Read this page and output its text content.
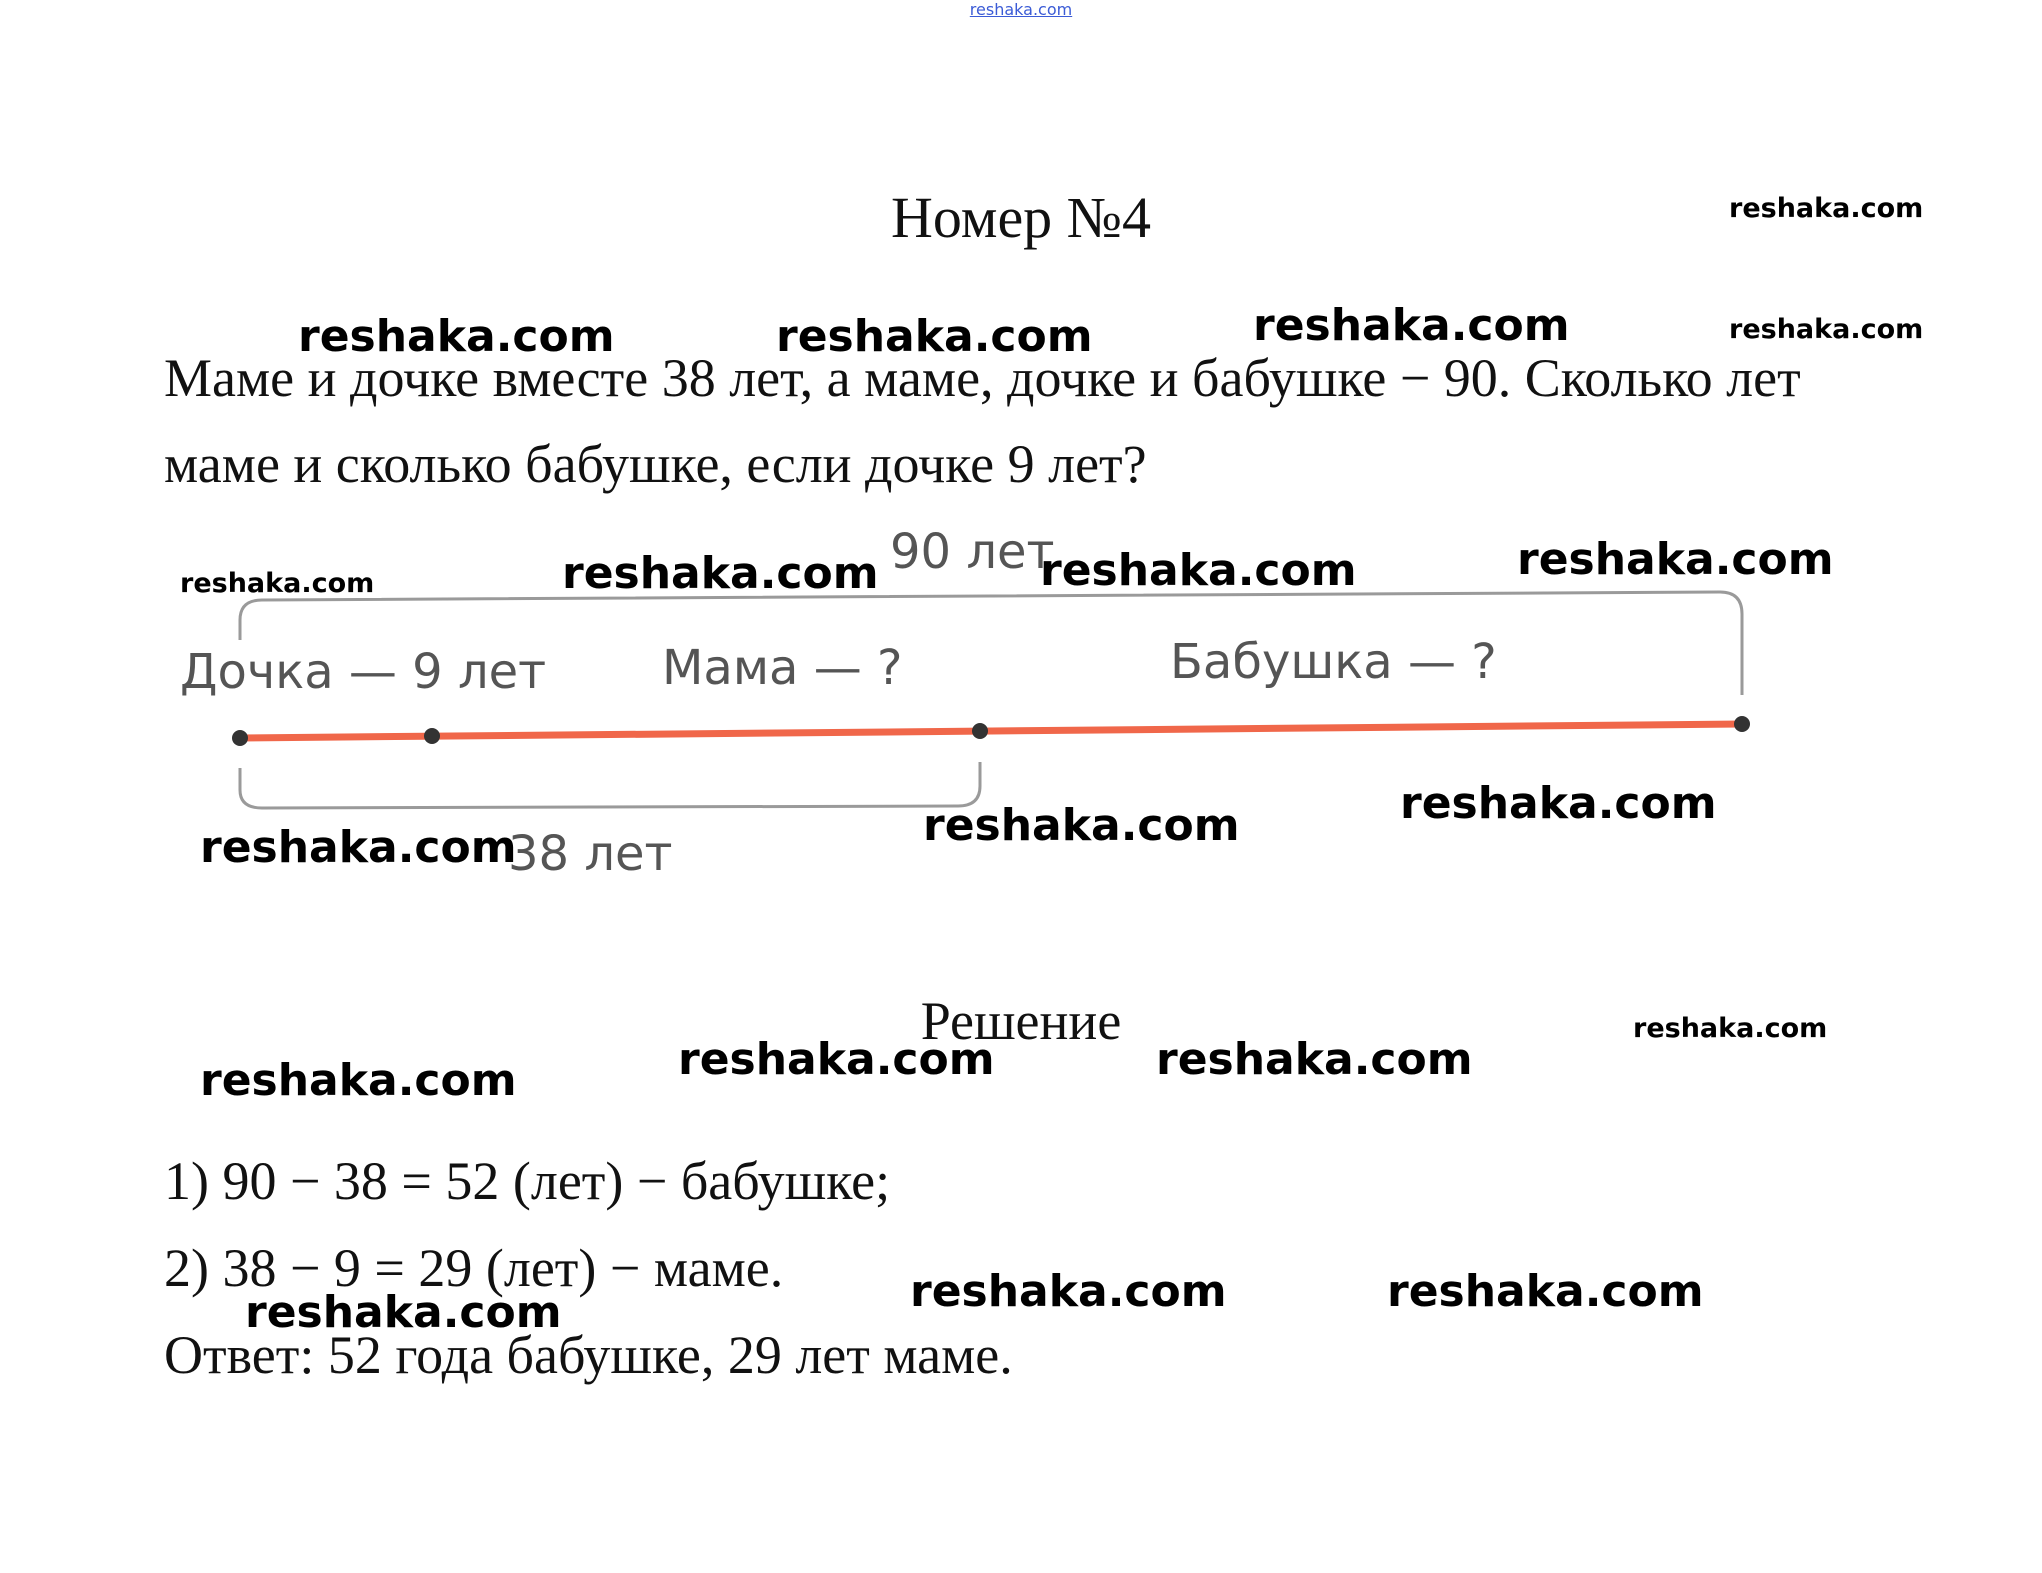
reshaka.com
Номер №4
Маме и дочке вместе 38 лет, а маме, дочке и бабушке − 90. Сколько лет маме и сколько бабушке, если дочке 9 лет?
90 лет
Дочка — 9 лет Мама — ?	Бабушка — ?
38 лет
Решение
1) 90 − 38 = 52 (лет) − бабушке;
2) 38 − 9 = 29 (лет) − маме.
Ответ: 52 года бабушке, 29 лет маме.
reshaka.com
reshaka.com	reshaka.com	reshaka.com	reshaka.com
reshaka.com	reshaka.com	reshaka.com	reshaka.com
reshaka.com	reshaka.com	reshaka.com
reshaka.com	reshaka.com	reshaka.com
reshaka.com
reshaka.com	reshaka.com	reshaka.com
